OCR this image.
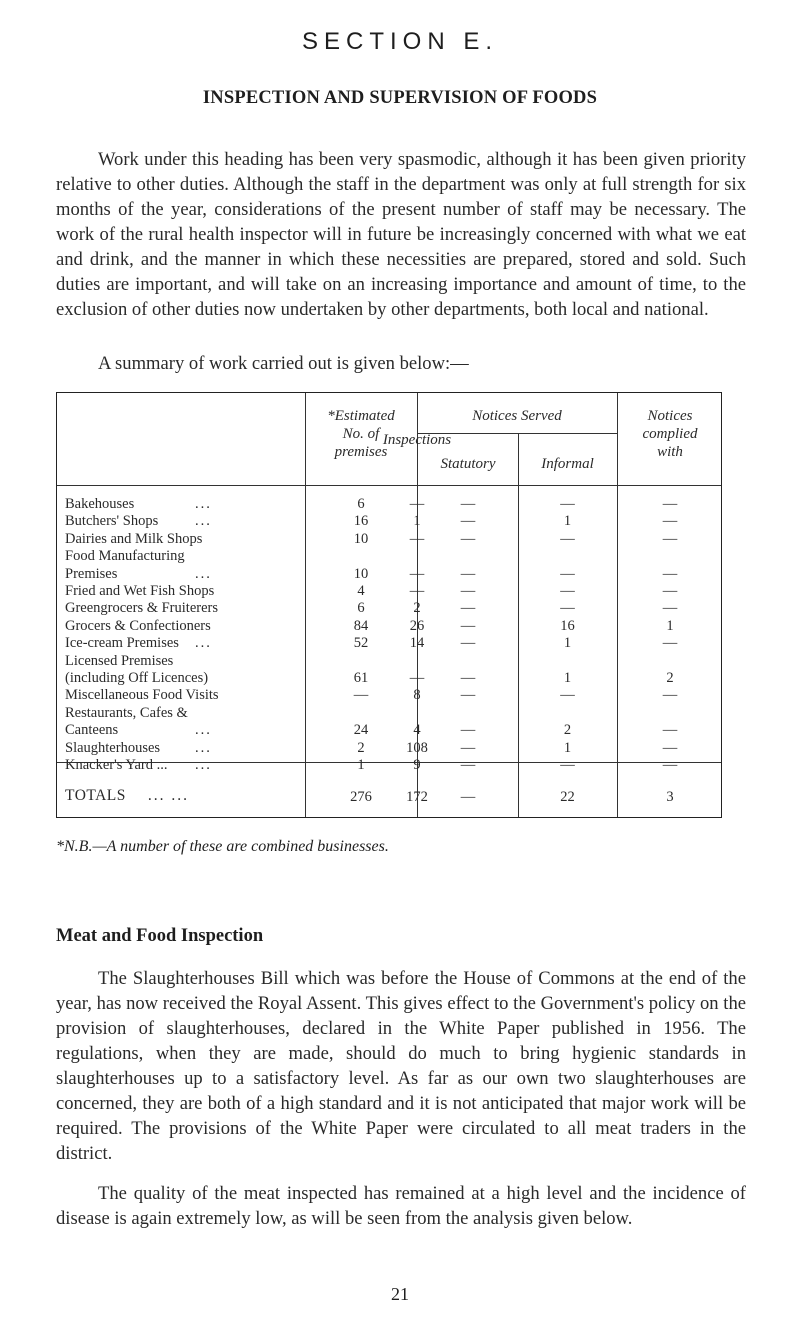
SECTION E.
INSPECTION AND SUPERVISION OF FOODS

Work under this heading has been very spasmodic, although it has been given priority relative to other duties. Although the staff in the department was only at full strength for six months of the year, considerations of the present number of staff may be necessary. The work of the rural health inspector will in future be increasingly concerned with what we eat and drink, and the manner in which these necessities are prepared, stored and sold. Such duties are important, and will take on an increasing importance and amount of time, to the exclusion of other duties now undertaken by other departments, both local and national.

A summary of work carried out is given below:—
*Estimated
No. of
premises
Inspections
Notices Served
Statutory	Informal
Notices
complied
with
Bakehouses	...	6	—	—	—	—
Butchers' Shops	...	16	1	—	1	—
Dairies and Milk Shops	10	—	—	—	—
Food Manufacturing
Premises	...	10	—	—	—	—
Fried and Wet Fish Shops	4	—	—	—	—
Greengrocers & Fruiterers	6	2	—	—	—
Grocers & Confectioners	84	26	—	16	1
Ice-cream Premises	...	52	14	—	1	—
Licensed Premises
(including Off Licences)	61	—	—	1	2
Miscellaneous Food Visits	—	8	—	—	—
Restaurants, Cafes &
Canteens	...	24	4	—	2	—
Slaughterhouses	...	2	108	—	1	—
Knacker's Yard ...	...	1	9	—	—	—
TOTALS ... ...	276	172	—	22	3
*N.B.—A number of these are combined businesses.
Meat and Food Inspection

The Slaughterhouses Bill which was before the House of Commons at the end of the year, has now received the Royal Assent. This gives effect to the Government's policy on the provision of slaughterhouses, declared in the White Paper published in 1956. The regulations, when they are made, should do much to bring hygienic standards in slaughterhouses up to a satisfactory level. As far as our own two slaughterhouses are concerned, they are both of a high standard and it is not anticipated that major work will be required. The provisions of the White Paper were circulated to all meat traders in the district.

The quality of the meat inspected has remained at a high level and the incidence of disease is again extremely low, as will be seen from the analysis given below.

21
